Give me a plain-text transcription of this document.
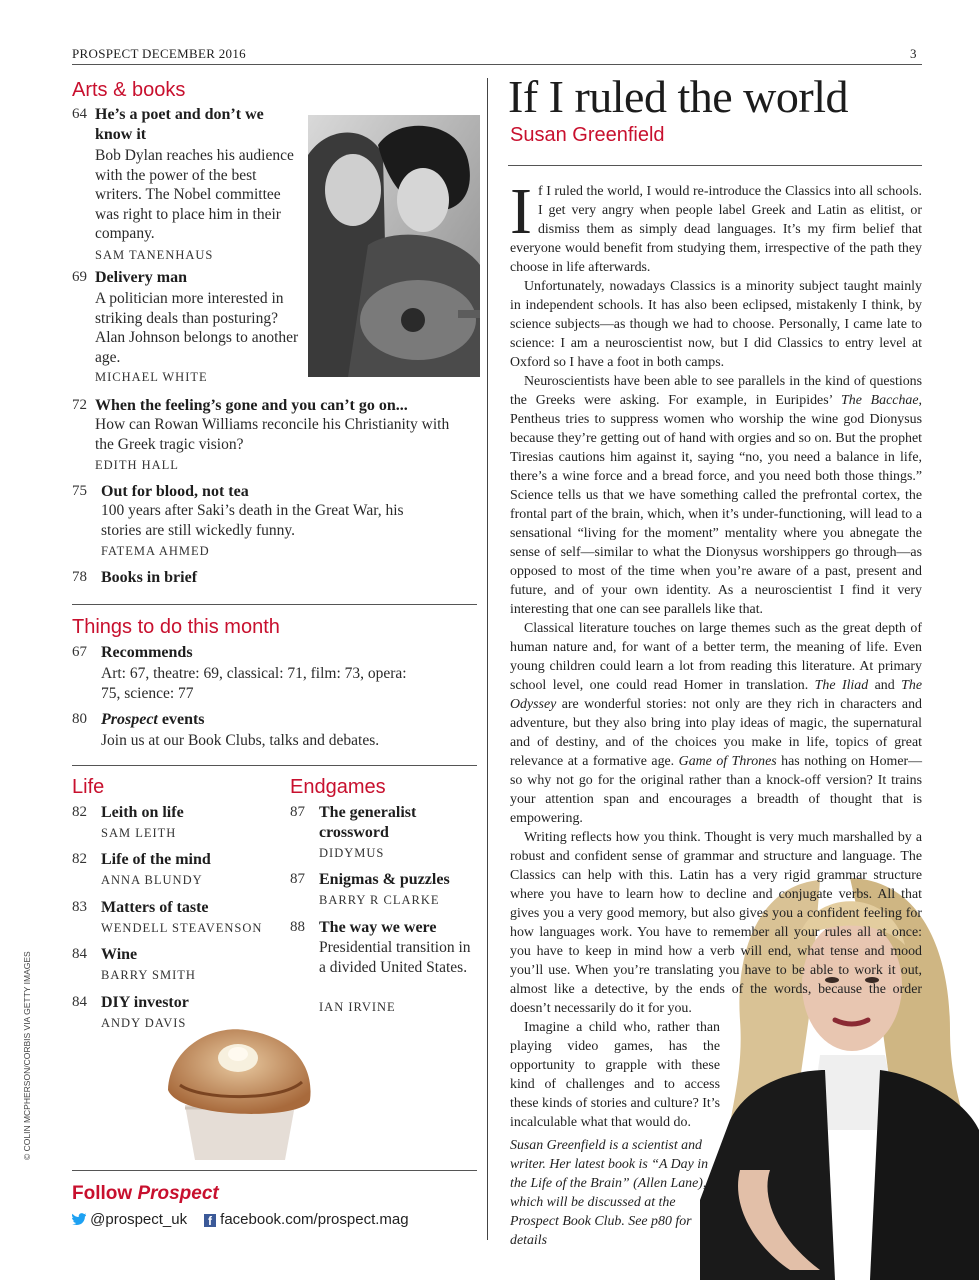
PROSPECT DECEMBER 2016	3
Arts & books
64 He’s a poet and don’t we know it
Bob Dylan reaches his audience with the power of the best writers. The Nobel committee was right to place him in their company.
SAM TANENHAUS
69 Delivery man
A politician more interested in striking deals than posturing? Alan Johnson belongs to another age.
MICHAEL WHITE
72 When the feeling’s gone and you can’t go on...
How can Rowan Williams reconcile his Christianity with the Greek tragic vision?
EDITH HALL
75 Out for blood, not tea
100 years after Saki’s death in the Great War, his stories are still wickedly funny.
FATEMA AHMED
78 Books in brief
Things to do this month
67 Recommends
Art: 67, theatre: 69, classical: 71, film: 73, opera: 75, science: 77
80 Prospect events
Join us at our Book Clubs, talks and debates.
Life
82 Leith on life
SAM LEITH
82 Life of the mind
ANNA BLUNDY
83 Matters of taste
WENDELL STEAVENSON
84 Wine
BARRY SMITH
84 DIY investor
ANDY DAVIS
Endgames
87 The generalist crossword
DIDYMUS
87 Enigmas & puzzles
BARRY R CLARKE
88 The way we were
Presidential transition in a divided United States.
IAN IRVINE
Follow Prospect
@prospect_uk	f facebook.com/prospect.mag
© COLIN MCPHERSON/CORBIS VIA GETTY IMAGES
If I ruled the world
Susan Greenfield

If I ruled the world, I would re-introduce the Classics into all schools. I get very angry when people label Greek and Latin as elitist, or dismiss them as simply dead languages. It’s my firm belief that everyone would benefit from studying them, irrespective of the path they choose in life afterwards.

Unfortunately, nowadays Classics is a minority subject taught mainly in independent schools. It has also been eclipsed, mistakenly I think, by science subjects—as though we had to choose. Personally, I came late to science: I am a neuroscientist now, but I did Classics to entry level at Oxford so I have a foot in both camps.

Neuroscientists have been able to see parallels in the kind of questions the Greeks were asking. For example, in Euripides’ The Bacchae, Pentheus tries to suppress women who worship the wine god Dionysus because they’re getting out of hand with orgies and so on. But the prophet Tiresias cautions him against it, saying “no, you need a balance in life, there’s a wine force and a bread force, and you need both those things.” Science tells us that we have something called the prefrontal cortex, the frontal part of the brain, which, when it’s under-functioning, will lead to a sensational “living for the moment” mentality where you abnegate the sense of self—similar to what the Dionysus worshippers go through—as opposed to most of the time when you’re aware of a past, present and future, and of your own identity. As a neuroscientist I find it very interesting that one can see parallels like that.

Classical literature touches on large themes such as the great depth of human nature and, for want of a better term, the meaning of life. Even young children could learn a lot from reading this literature. At primary school level, one could read Homer in translation. The Iliad and The Odyssey are wonderful stories: not only are they rich in characters and adventure, but they also bring into play ideas of magic, the supernatural and of destiny, and of the choices you make in life, topics of great relevance at a formative age. Game of Thrones has nothing on Homer—so why not go for the original rather than a knock-off version? It trains your attention span and encourages a breadth of thought that is empowering.

Writing reflects how you think. Thought is very much marshalled by a robust and confident sense of grammar and structure and language. The Classics can help with this. Latin has a very rigid grammar structure where you have to learn how to decline and conjugate verbs. All that gives you a very good memory, but also gives you a confident feeling for how languages work. You have to remember all your rules all at once: you have to keep in mind how a verb will end, what tense and mood you’ll use. When you’re translating you have to be able to work it out, almost like a detective, by the ends of the words, because the order doesn’t necessarily do it for you.

Imagine a child who, rather than playing video games, has the opportunity to grapple with these kind of challenges and to access these kinds of stories and culture? It’s incalculable what that would do.

Susan Greenfield is a scientist and writer. Her latest book is “A Day in the Life of the Brain” (Allen Lane), which will be discussed at the Prospect Book Club. See p80 for details
